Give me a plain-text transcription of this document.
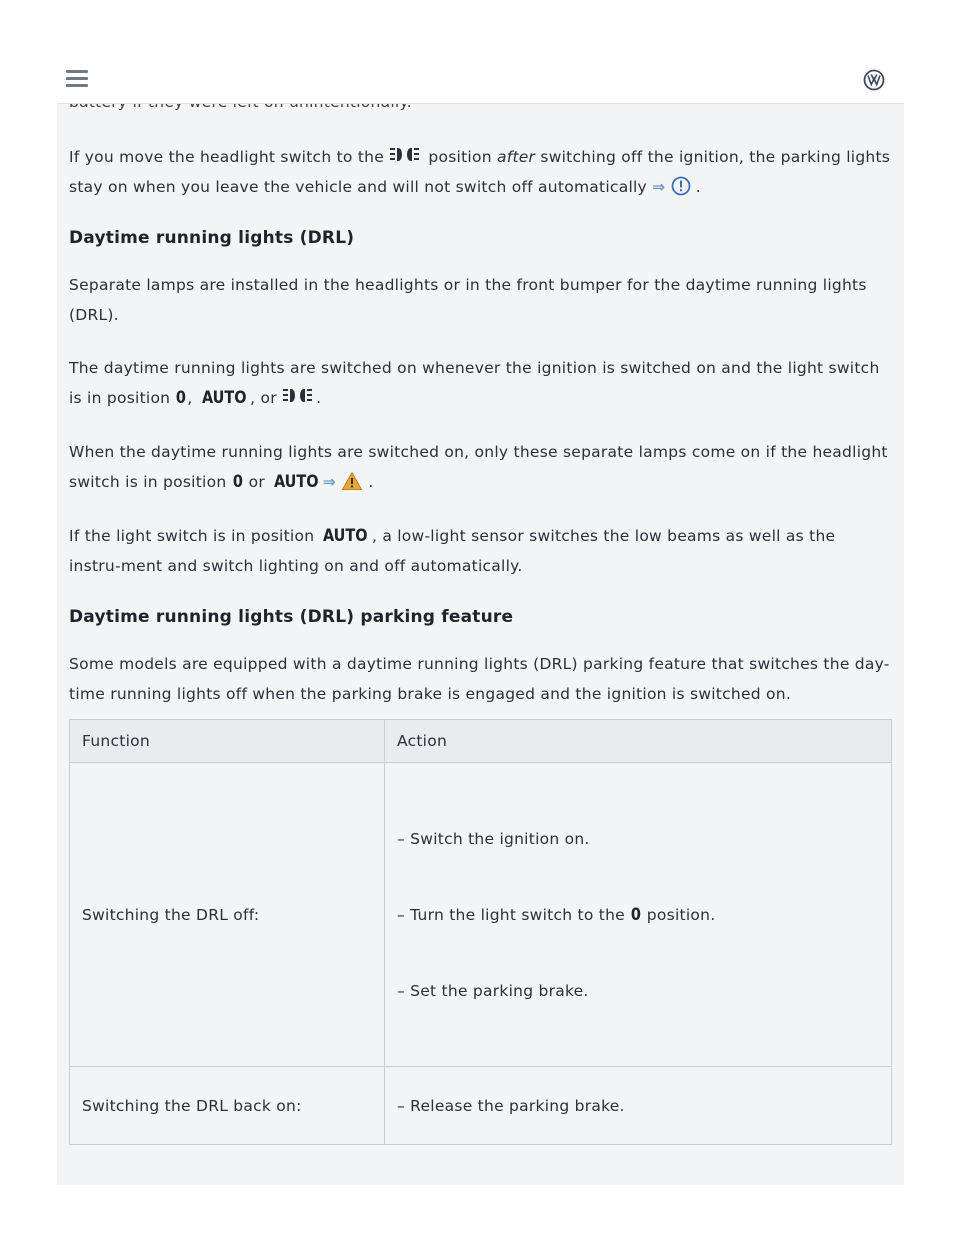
If you move the headlight switch to the	position after switching off the ignition, the parking lights stay on when you leave the vehicle and will not switch off automatically ⇒ .

Daytime running lights (DRL)

Separate lamps are installed in the headlights or in the front bumper for the daytime running lights (DRL).

The daytime running lights are switched on whenever the ignition is switched on and the light switch is in position 0, AUTO , or	.

When the daytime running lights are switched on, only these separate lamps come on if the headlight switch is in position 0 or AUTO ⇒ .

If the light switch is in position AUTO , a low-light sensor switches the low beams as well as the instru-ment and switch lighting on and off automatically.

Daytime running lights (DRL) parking feature

Some models are equipped with a daytime running lights (DRL) parking feature that switches the day-time running lights off when the parking brake is engaged and the ignition is switched on.

Function	Action
Switching the DRL off:	– Switch the ignition on.
– Turn the light switch to the 0 position.
– Set the parking brake.

Switching the DRL back on:	– Release the parking brake.
